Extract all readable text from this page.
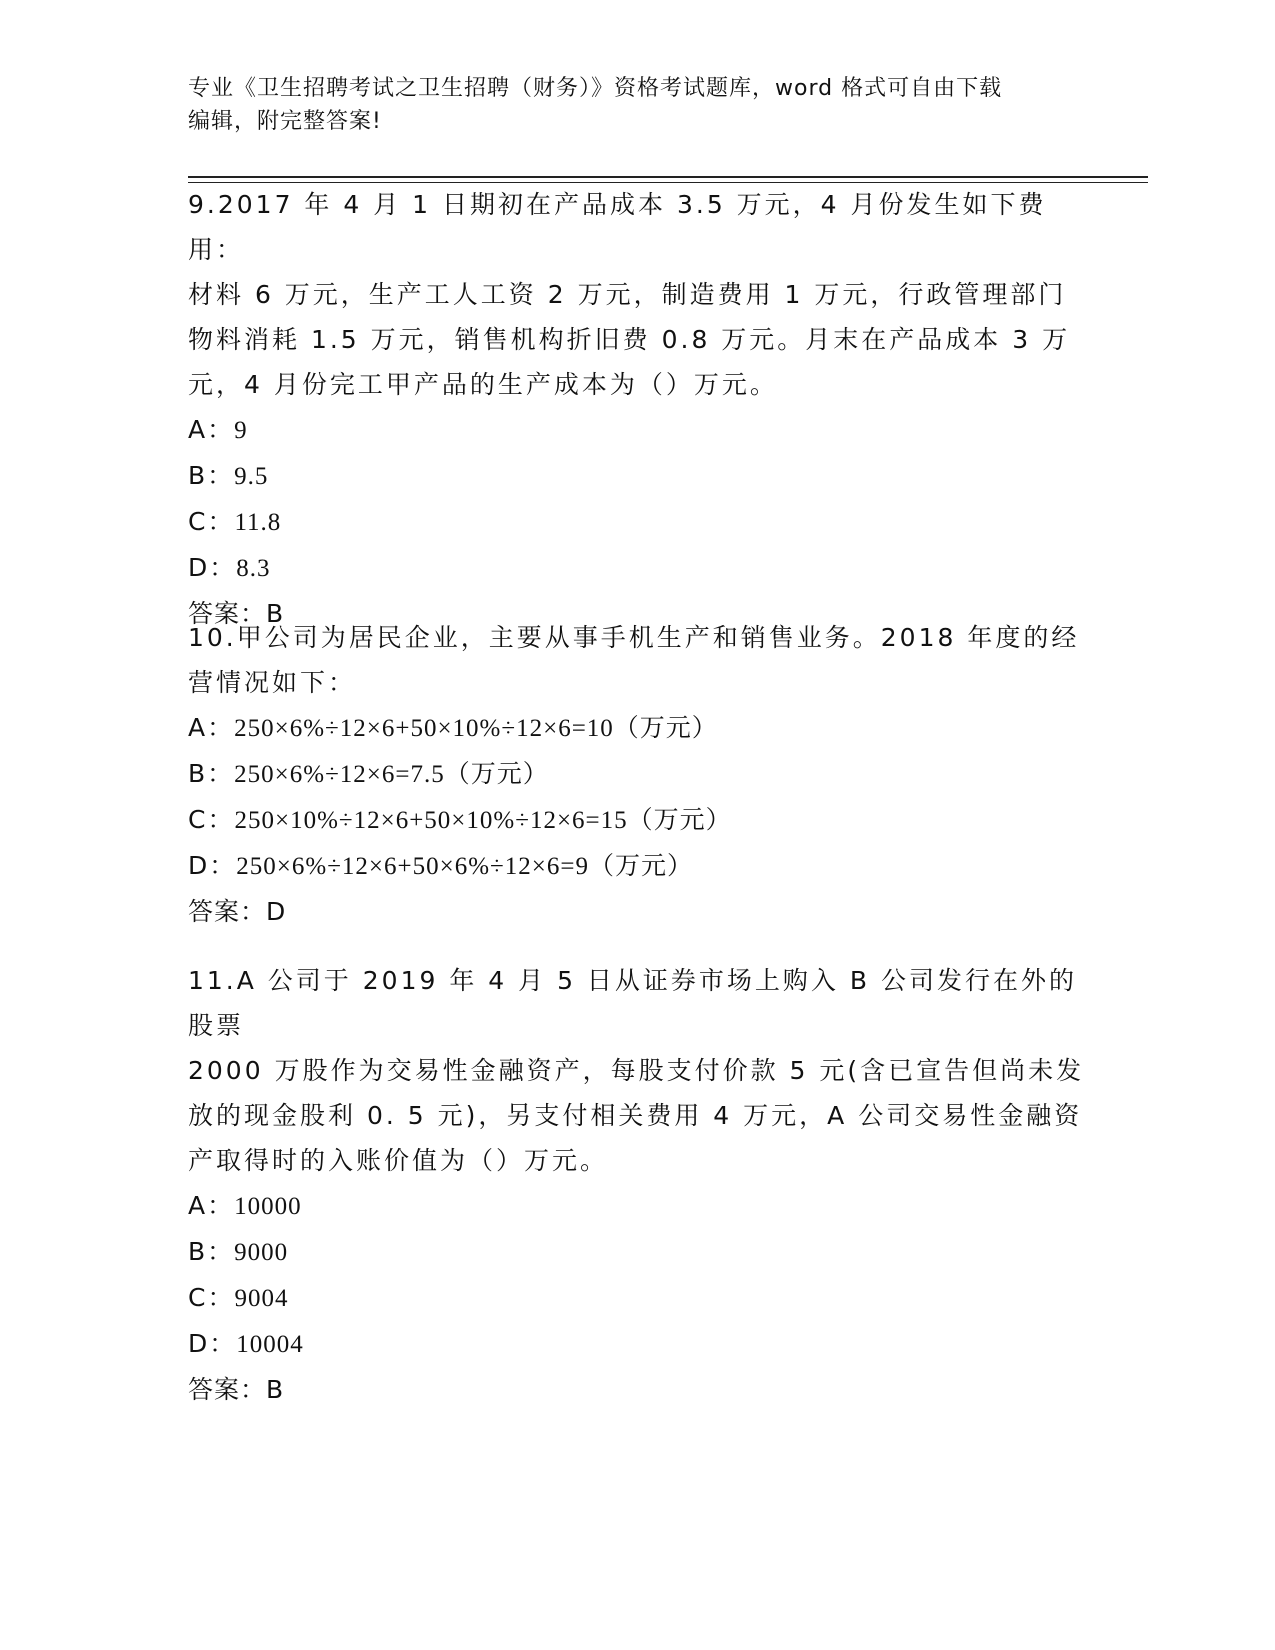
专业《卫生招聘考试之卫生招聘（财务）》资格考试题库，word 格式可自由下载
编辑，附完整答案!
9.2017 年 4 月 1 日期初在产品成本 3.5 万元，4 月份发生如下费用：
材料 6 万元，生产工人工资 2 万元，制造费用 1 万元，行政管理部门
物料消耗 1.5 万元，销售机构折旧费 0.8 万元。月末在产品成本 3 万
元，4 月份完工甲产品的生产成本为（）万元。
A：9
B：9.5
C：11.8
D：8.3
答案：B
10.甲公司为居民企业，主要从事手机生产和销售业务。2018 年度的经
营情况如下：
A：250×6%÷12×6+50×10%÷12×6=10（万元）
B：250×6%÷12×6=7.5（万元）
C：250×10%÷12×6+50×10%÷12×6=15（万元）
D：250×6%÷12×6+50×6%÷12×6=9（万元）
答案：D
11.A 公司于 2019 年 4 月 5 日从证券市场上购入 B 公司发行在外的股票
2000 万股作为交易性金融资产，每股支付价款 5 元(含已宣告但尚未发
放的现金股利 0. 5 元)，另支付相关费用 4 万元，A 公司交易性金融资
产取得时的入账价值为（）万元。
A：10000
B：9000
C：9004
D：10004
答案：B
